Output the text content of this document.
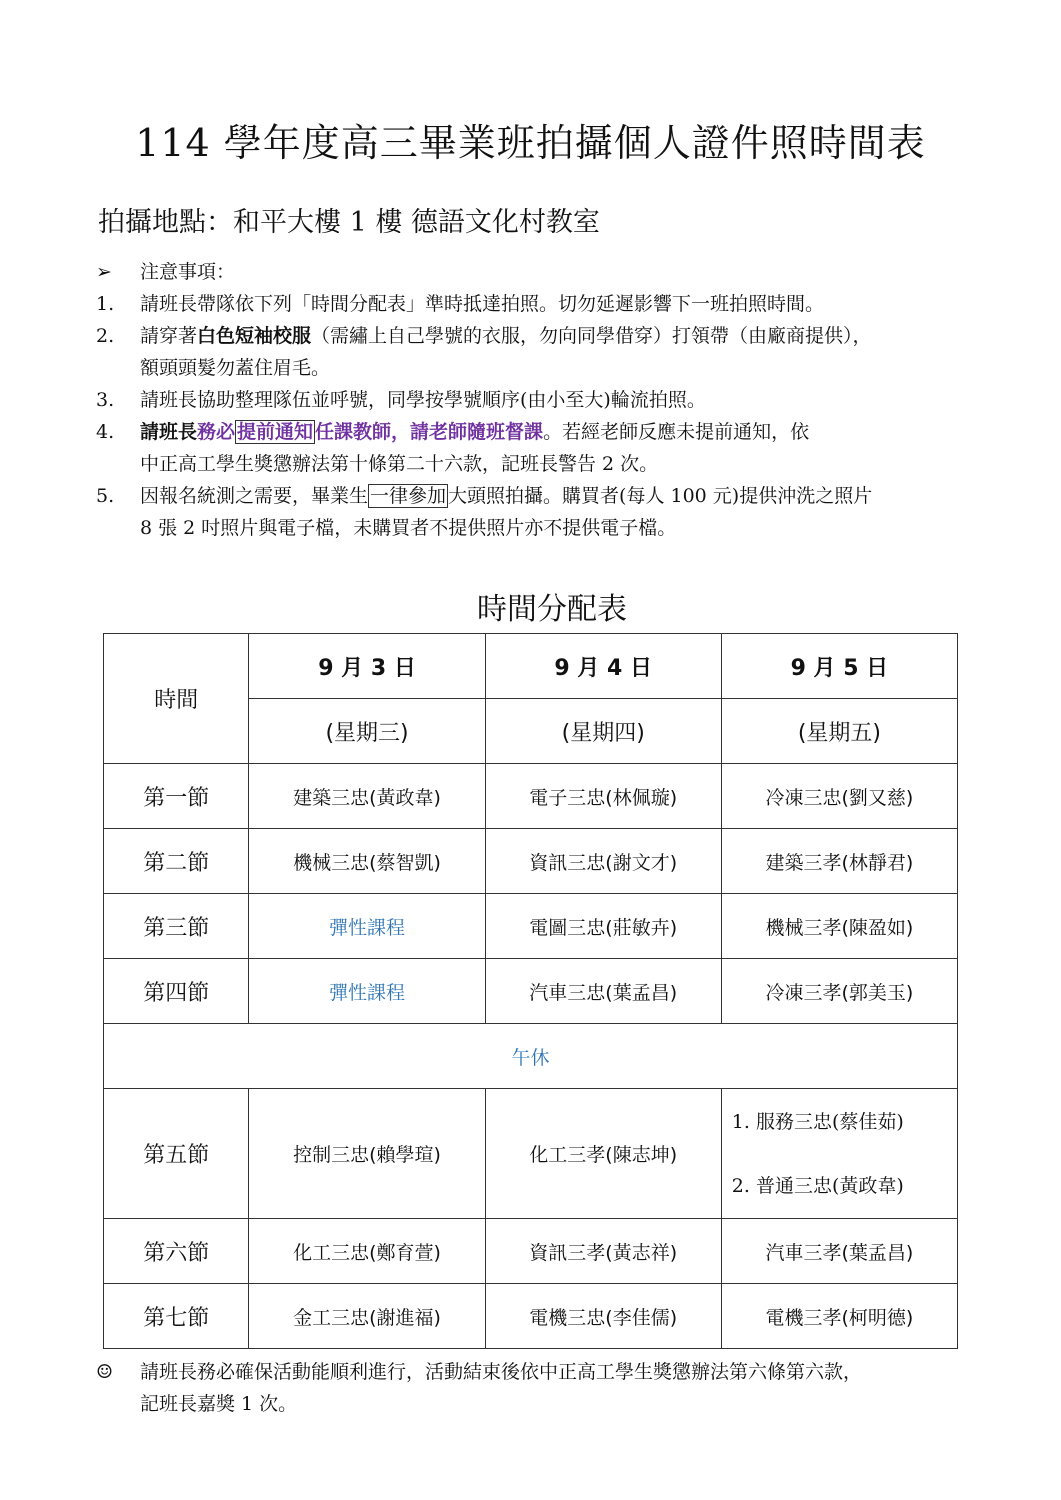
114 學年度高三畢業班拍攝個人證件照時間表

拍攝地點：和平大樓 1 樓 德語文化村教室

➢	注意事項：
1.	請班長帶隊依下列「時間分配表」準時抵達拍照。切勿延遲影響下一班拍照時間。
2.	請穿著白色短袖校服（需繡上自己學號的衣服，勿向同學借穿）打領帶（由廠商提供），
額頭頭髮勿蓋住眉毛。
3.	請班長協助整理隊伍並呼號，同學按學號順序(由小至大)輪流拍照。
4.	請班長務必 提前通知 任課教師，請老師隨班督課。若經老師反應未提前通知，依
中正高工學生獎懲辦法第十條第二十六款，記班長警告 2 次。
5.	因報名統測之需要，畢業生 一律參加 大頭照拍攝。購買者(每人 100 元)提供沖洗之照片
8 張 2 吋照片與電子檔，未購買者不提供照片亦不提供電子檔。
時間分配表
時間	9 月 3 日	9 月 4 日	9 月 5 日
	(星期三)	(星期四)	(星期五)
第一節	建築三忠(黃政韋)	電子三忠(林佩璇)	冷凍三忠(劉又慈)
第二節	機械三忠(蔡智凱)	資訊三忠(謝文才)	建築三孝(林靜君)
第三節	彈性課程	電圖三忠(莊敏卉)	機械三孝(陳盈如)
第四節	彈性課程	汽車三忠(葉孟昌)	冷凍三孝(郭美玉)
午休			
第五節	控制三忠(賴學瑄)	化工三孝(陳志坤)	1. 服務三忠(蔡佳茹)
2. 普通三忠(黃政韋)

第六節	化工三忠(鄭育萱)	資訊三孝(黃志祥)	汽車三孝(葉孟昌)
第七節	金工三忠(謝進福)	電機三忠(李佳儒)	電機三孝(柯明德)
☺	請班長務必確保活動能順利進行，活動結束後依中正高工學生獎懲辦法第六條第六款，
記班長嘉獎 1 次。
